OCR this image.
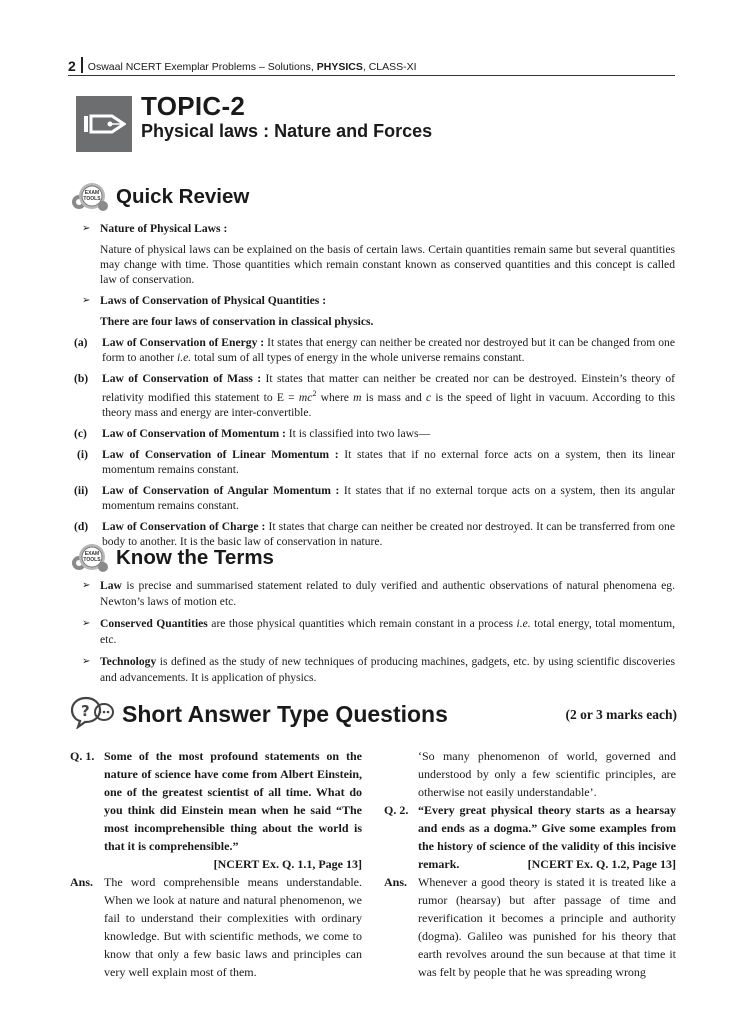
2 Oswaal NCERT Exemplar Problems – Solutions, PHYSICS, CLASS-XI
TOPIC-2
Physical laws : Nature and Forces
EXAM TOOLS Quick Review
➢ Nature of Physical Laws :
Nature of physical laws can be explained on the basis of certain laws. Certain quantities remain same but several quantities may change with time. Those quantities which remain constant known as conserved quantities and this concept is called law of conservation.
➢ Laws of Conservation of Physical Quantities :
There are four laws of conservation in classical physics.
(a)	Law of Conservation of Energy : It states that energy can neither be created nor destroyed but it can be changed from one form to another i.e. total sum of all types of energy in the whole universe remains constant.
(b)	Law of Conservation of Mass : It states that matter can neither be created nor can be destroyed. Einstein’s theory of relativity modified this statement to $E = mc^2$ where m is mass and c is the speed of light in vacuum. According to this theory mass and energy are inter-convertible.
(c)	Law of Conservation of Momentum : It is classified into two laws—
(i)	Law of Conservation of Linear Momentum : It states that if no external force acts on a system, then its linear momentum remains constant.
(ii)	Law of Conservation of Angular Momentum : It states that if no external torque acts on a system, then its angular momentum remains constant.
(d)	Law of Conservation of Charge : It states that charge can neither be created nor destroyed. It can be transferred from one body to another. It is the basic law of conservation in nature.
EXAM TOOLS Know the Terms
➢ Law is precise and summarised statement related to duly verified and authentic observations of natural phenomena eg. Newton’s laws of motion etc.
➢ Conserved Quantities are those physical quantities which remain constant in a process i.e. total energy, total momentum, etc.
➢ Technology is defined as the study of new techniques of producing machines, gadgets, etc. by using scientific discoveries and advancements. It is application of physics.
? Short Answer Type Questions	(2 or 3 marks each)
Q. 1. Some of the most profound statements on the nature of science have come from Albert Einstein, one of the greatest scientist of all time. What do you think did Einstein mean when he said “The most incomprehensible thing about the world is that it is comprehensible.”
[NCERT Ex. Q. 1.1, Page 13]
Ans. The word comprehensible means understandable. When we look at nature and natural phenomenon, we fail to understand their complexities with ordinary knowledge. But with scientific methods, we come to know that only a few basic laws and principles can very well explain most of them.
‘So many phenomenon of world, governed and understood by only a few scientific principles, are otherwise not easily understandable’.
Q. 2. “Every great physical theory starts as a hearsay and ends as a dogma.” Give some examples from the history of science of the validity of this incisive remark.	[NCERT Ex. Q. 1.2, Page 13]
Ans. Whenever a good theory is stated it is treated like a rumor (hearsay) but after passage of time and reverification it becomes a principle and authority (dogma). Galileo was punished for his theory that earth revolves around the sun because at that time it was felt by people that he was spreading wrong
